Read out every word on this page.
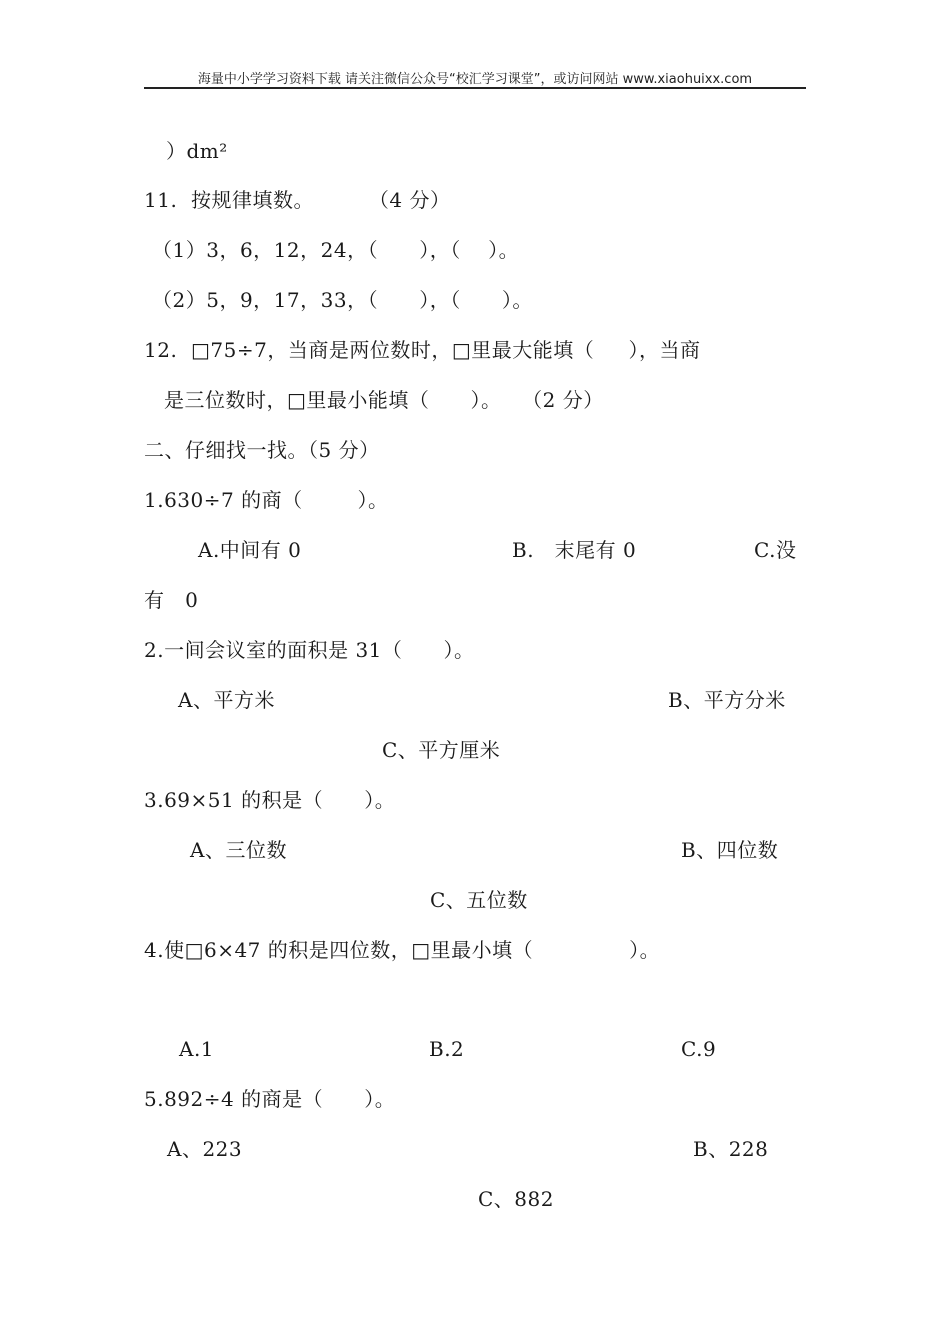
海量中小学学习资料下载 请关注微信公众号“校汇学习课堂”，或访问网站 www.xiaohuixx.com
）dm²
11.  按规律填数。        （4 分）
（1）3，6，12，24，（      ），（    ）。
（2）5，9，17，33，（      ），（      ）。
12.  □75÷7，当商是两位数时，□里最大能填（     ），当商
是三位数时，□里最小能填（      ）。   （2 分）
二、仔细找一找。（5 分）
1.630÷7 的商（        ）。
A.中间有 0	B.   末尾有 0	C.没
有   0
2.一间会议室的面积是 31（      ）。
A、平方米	B、平方分米
C、平方厘米
3.69×51 的积是（      ）。
A、三位数	B、四位数
C、五位数
4.使□6×47 的积是四位数，□里最小填（              ）。
A.1	B.2	C.9
5.892÷4 的商是（      ）。
A、223	B、228
C、882
